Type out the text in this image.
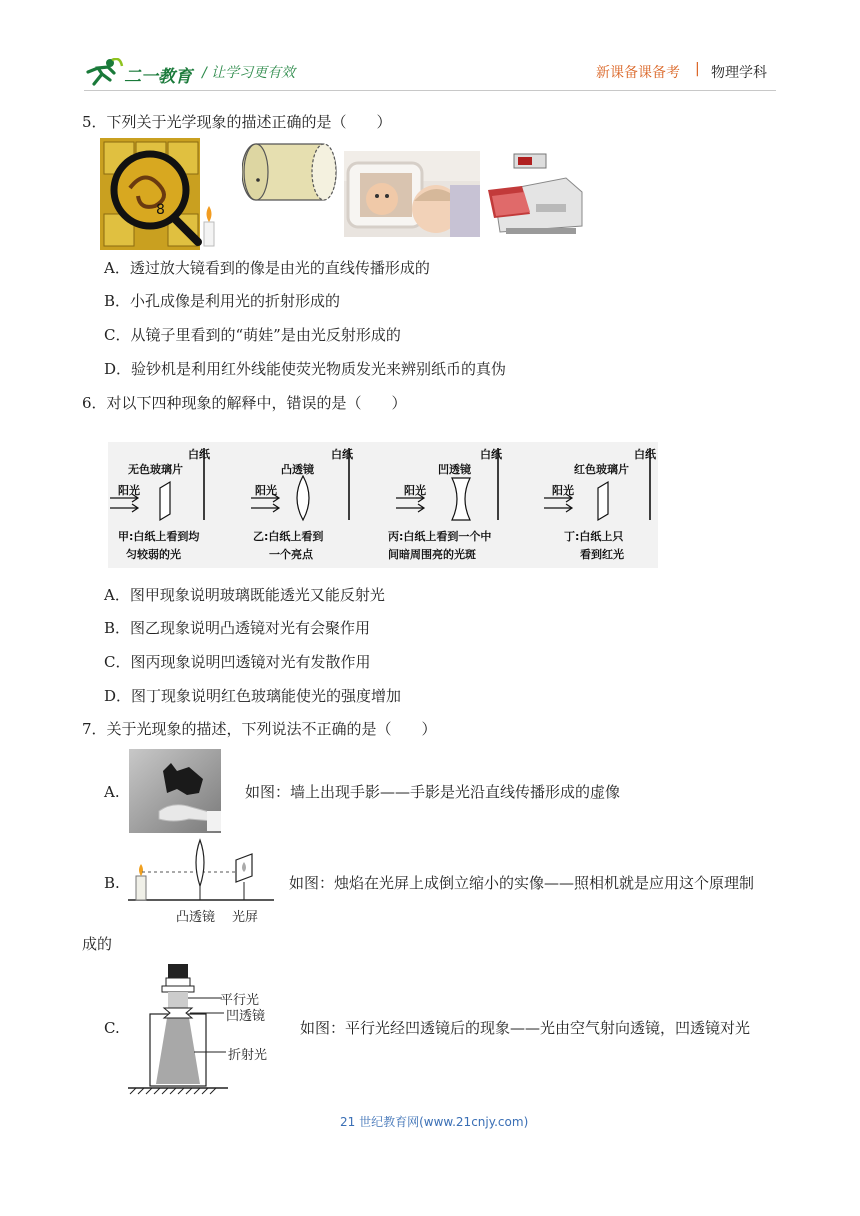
二一教育 / 让学习更有效	新课备课备考 | 物理学科
5．下列关于光学现象的描述正确的是（　　）
8
A．透过放大镜看到的像是由光的直线传播形成的
B．小孔成像是利用光的折射形成的
C．从镜子里看到的“萌娃”是由光反射形成的
D．验钞机是利用红外线能使荧光物质发光来辨别纸币的真伪
6．对以下四种现象的解释中，错误的是（　　）
白纸
无色玻璃片
阳光
甲:白纸上看到均
匀较弱的光
白纸
凸透镜
阳光
乙:白纸上看到
一个亮点
白纸
凹透镜
阳光
丙:白纸上看到一个中
间暗周围亮的光斑
白纸
红色玻璃片
阳光
丁:白纸上只
看到红光
A．图甲现象说明玻璃既能透光又能反射光
B．图乙现象说明凸透镜对光有会聚作用
C．图丙现象说明凹透镜对光有发散作用
D．图丁现象说明红色玻璃能使光的强度增加
7．关于光现象的描述，下列说法不正确的是（　　）
A.	如图：墙上出现手影——手影是光沿直线传播形成的虚像
B.
凸透镜 光屏
如图：烛焰在光屏上成倒立缩小的实像——照相机就是应用这个原理制
成的
C.
平行光
凹透镜
折射光
如图：平行光经凹透镜后的现象——光由空气射向透镜，凹透镜对光
21 世纪教育网(www.21cnjy.com)
